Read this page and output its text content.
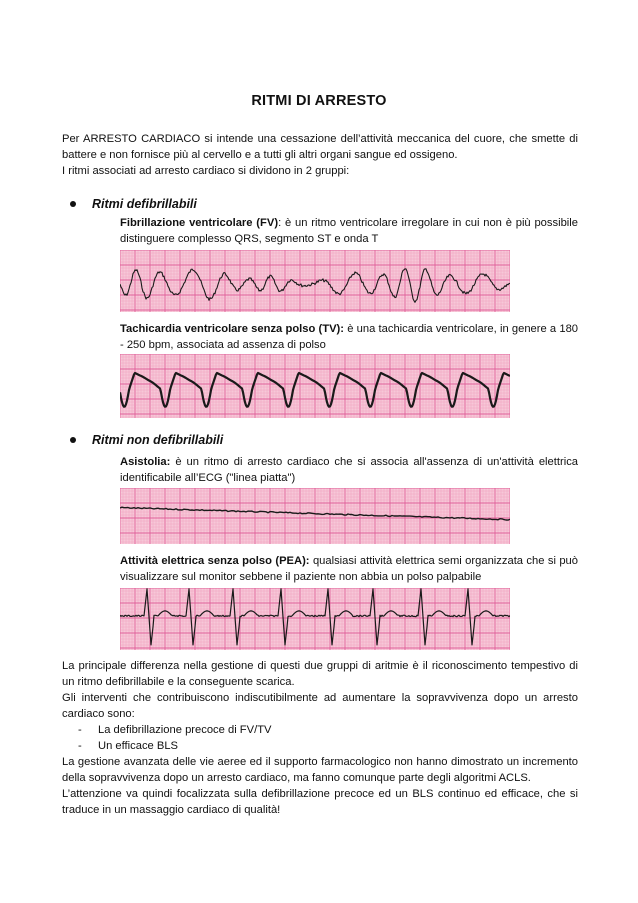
RITMI DI ARRESTO

Per ARRESTO CARDIACO si intende una cessazione dell’attività meccanica del cuore, che smette di battere e non fornisce più al cervello e a tutti gli altri organi sangue ed ossigeno.

I ritmi associati ad arresto cardiaco si dividono in 2 gruppi:

Ritmi defibrillabili
Fibrillazione ventricolare (FV): è un ritmo ventricolare irregolare in cui non è più possibile distinguere complesso QRS, segmento ST e onda T
Tachicardia ventricolare senza polso (TV): è una tachicardia ventricolare, in genere a 180 - 250 bpm, associata ad assenza di polso
Ritmi non defibrillabili
Asistolia: è un ritmo di arresto cardiaco che si associa all'assenza di un'attività elettrica identificabile all’ECG ("linea piatta")
Attività elettrica senza polso (PEA): qualsiasi attività elettrica semi organizzata che si può visualizzare sul monitor sebbene il paziente non abbia un polso palpabile

La principale differenza nella gestione di questi due gruppi di aritmie è il riconoscimento tempestivo di un ritmo defibrillabile e la conseguente scarica.

Gli interventi che contribuiscono indiscutibilmente ad aumentare la sopravvivenza dopo un arresto cardiaco sono:

- La defibrillazione precoce di FV/TV
- Un efficace BLS

La gestione avanzata delle vie aeree ed il supporto farmacologico non hanno dimostrato un incremento della sopravvivenza dopo un arresto cardiaco, ma fanno comunque parte degli algoritmi ACLS.

L’attenzione va quindi focalizzata sulla defibrillazione precoce ed un BLS continuo ed efficace, che si traduce in un massaggio cardiaco di qualità!
